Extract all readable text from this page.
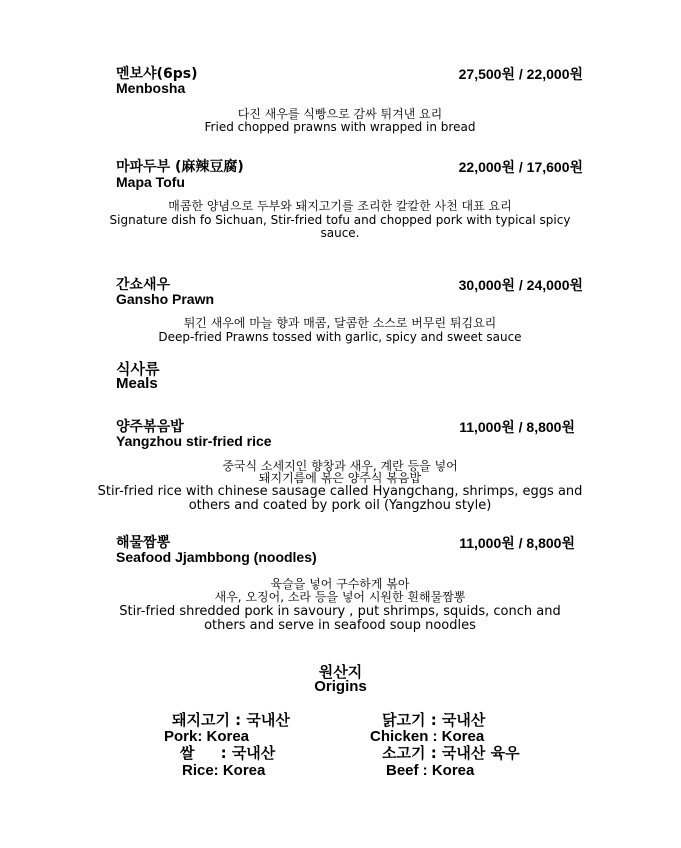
멘보샤(6ps)
Menbosha
27,500원 / 22,000원
다진 새우를 식빵으로 감싸 튀겨낸 요리
Fried chopped prawns with wrapped in bread
마파두부 (麻辣豆腐)
Mapa Tofu
22,000원 / 17,600원
매콤한 양념으로 두부와 돼지고기를 조리한 칼칼한 사천 대표 요리
Signature dish fo Sichuan, Stir-fried tofu and chopped pork with typical spicy
sauce.
간쇼새우
Gansho Prawn
30,000원 / 24,000원
튀긴 새우에 마늘 향과 매콤, 달콤한 소스로 버무린 튀김요리
Deep-fried Prawns tossed with garlic, spicy and sweet sauce
식사류
Meals
양주볶음밥
Yangzhou stir-fried rice
11,000원 / 8,800원
중국식 소세지인 향창과 새우, 계란 등을 넣어
돼지기름에 볶은 양주식 볶음밥
Stir-fried rice with chinese sausage called Hyangchang, shrimps, eggs and
others and coated by pork oil (Yangzhou style)
해물짬뽕
Seafood Jjambbong (noodles)
11,000원 / 8,800원
육슬을 넣어 구수하게 볶아
새우, 오징어, 소라 등을 넣어 시원한 흰해물짬뽕
Stir-fried shredded pork in savoury , put shrimps, squids, conch and
others and serve in seafood soup noodles
원산지
Origins
돼지고기 : 국내산	닭고기 : 국내산
Pork: Korea	Chicken : Korea
쌀     : 국내산	소고기 : 국내산 육우
Rice: Korea	Beef : Korea
